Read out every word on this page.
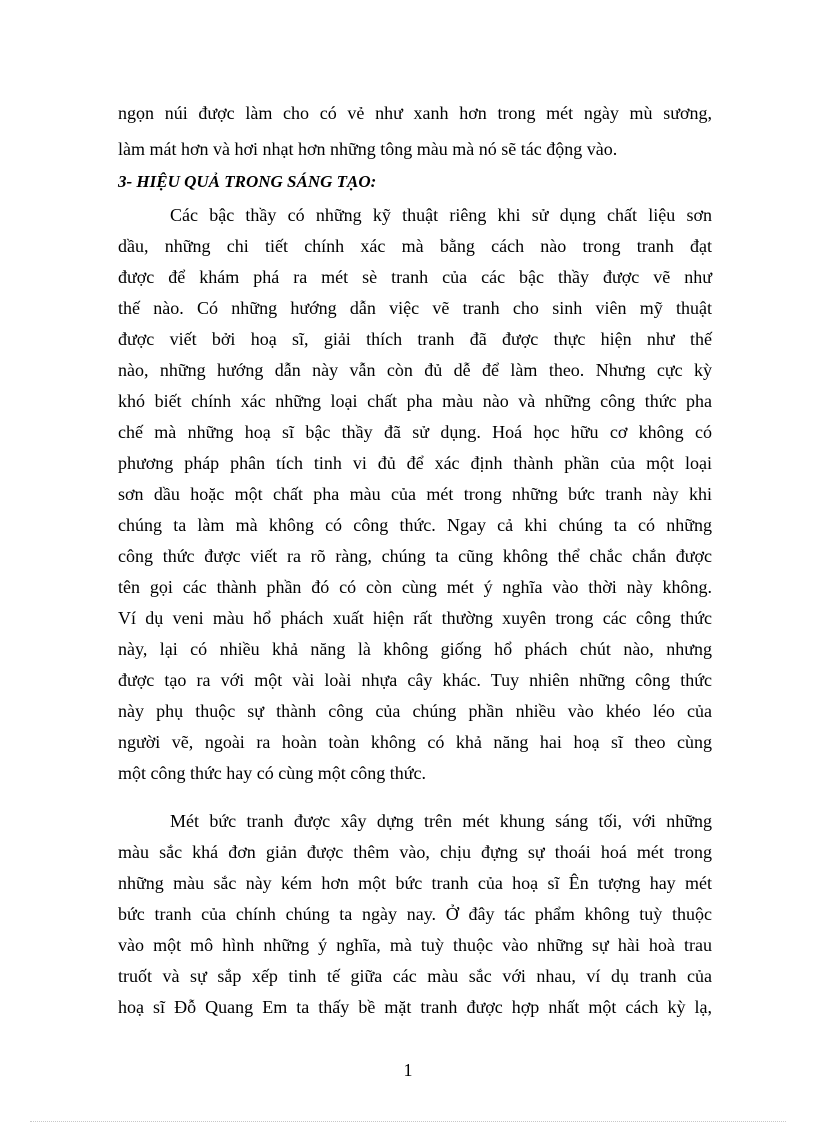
ngọn núi được làm cho có vẻ như xanh hơn trong mét ngày mù sương,
làm mát hơn và hơi nhạt hơn những tông màu mà nó sẽ tác động vào.
3- HIỆU QUẢ TRONG SÁNG TẠO:
Các bậc thầy có những kỹ thuật riêng khi sử dụng chất liệu sơn
dầu, những chi tiết chính xác mà bằng cách nào trong tranh đạt
được để khám phá ra mét sè tranh của các bậc thầy được vẽ như
thế nào. Có những hướng dẫn việc vẽ tranh cho sinh viên mỹ thuật
được viết bởi hoạ sĩ, giải thích tranh đã được thực hiện như thế
nào, những hướng dẫn này vẫn còn đủ dễ để làm theo. Nhưng cực kỳ
khó biết chính xác những loại chất pha màu nào và những công thức pha
chế mà những hoạ sĩ bậc thầy đã sử dụng. Hoá học hữu cơ không có
phương pháp phân tích tinh vi đủ để xác định thành phần của một loại
sơn dầu hoặc một chất pha màu của mét trong những bức tranh này khi
chúng ta làm mà không có công thức. Ngay cả khi chúng ta có những
công thức được viết ra rõ ràng, chúng ta cũng không thể chắc chắn được
tên gọi các thành phần đó có còn cùng mét ý nghĩa vào thời này không.
Ví dụ veni màu hổ phách xuất hiện rất thường xuyên trong các công thức
này, lại có nhiều khả năng là không giống hổ phách chút nào, nhưng
được tạo ra với một vài loài nhựa cây khác. Tuy nhiên những công thức
này phụ thuộc sự thành công của chúng phần nhiều vào khéo léo của
người vẽ, ngoài ra hoàn toàn không có khả năng hai hoạ sĩ theo cùng
một công thức hay có cùng một công thức.
Mét bức tranh được xây dựng trên mét khung sáng tối, với những
màu sắc khá đơn giản được thêm vào, chịu đựng sự thoái hoá mét trong
những màu sắc này kém hơn một bức tranh của hoạ sĩ Ên tượng hay mét
bức tranh của chính chúng ta ngày nay. Ở đây tác phẩm không tuỳ thuộc
vào một mô hình những ý nghĩa, mà tuỳ thuộc vào những sự hài hoà trau
truốt và sự sắp xếp tinh tế giữa các màu sắc với nhau, ví dụ tranh của
hoạ sĩ Đỗ Quang Em ta thấy bề mặt tranh được hợp nhất một cách kỳ lạ,
1
